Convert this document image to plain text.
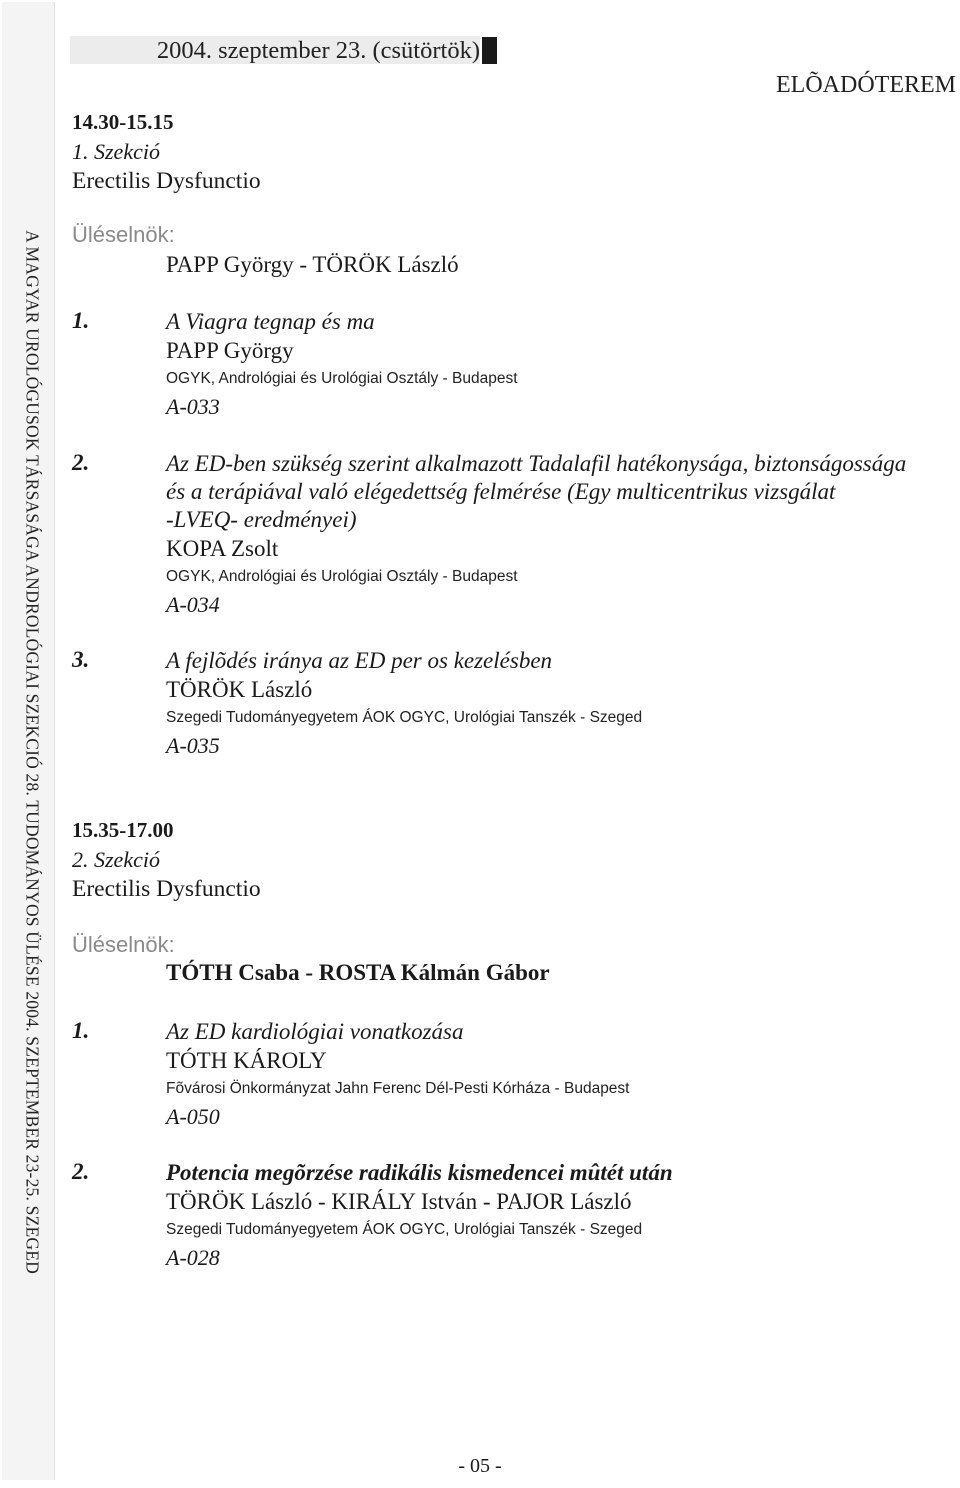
A MAGYAR UROLÓGUSOK TÁRSASÁGA ANDROLÓGIAI SZEKCIÓ 28. TUDOMÁNYOS ÜLÉSE 2004. SZEPTEMBER 23-25. SZEGED
2004. szeptember 23. (csütörtök)
ELÕADÓTEREM
14.30-15.15
1. Szekció
Erectilis Dysfunctio
Üléselnök:
PAPP György - TÖRÖK László
1.	A Viagra tegnap és ma
PAPP György
OGYK, Andrológiai és Urológiai Osztály - Budapest
A-033
2.	Az ED-ben szükség szerint alkalmazott Tadalafil hatékonysága, biztonságossága
és a terápiával való elégedettség felmérése (Egy multicentrikus vizsgálat
-LVEQ- eredményei)
KOPA Zsolt
OGYK, Andrológiai és Urológiai Osztály - Budapest
A-034
3.	A fejlõdés iránya az ED per os kezelésben
TÖRÖK László
Szegedi Tudományegyetem ÁOK OGYC, Urológiai Tanszék - Szeged
A-035
15.35-17.00
2. Szekció
Erectilis Dysfunctio
Üléselnök:
TÓTH Csaba - ROSTA Kálmán Gábor
1.	Az ED kardiológiai vonatkozása
TÓTH KÁROLY
Fõvárosi Önkormányzat Jahn Ferenc Dél-Pesti Kórháza - Budapest
A-050
2.	Potencia megõrzése radikális kismedencei mûtét után
TÖRÖK László - KIRÁLY István - PAJOR László
Szegedi Tudományegyetem ÁOK OGYC, Urológiai Tanszék - Szeged
A-028
- 05 -
